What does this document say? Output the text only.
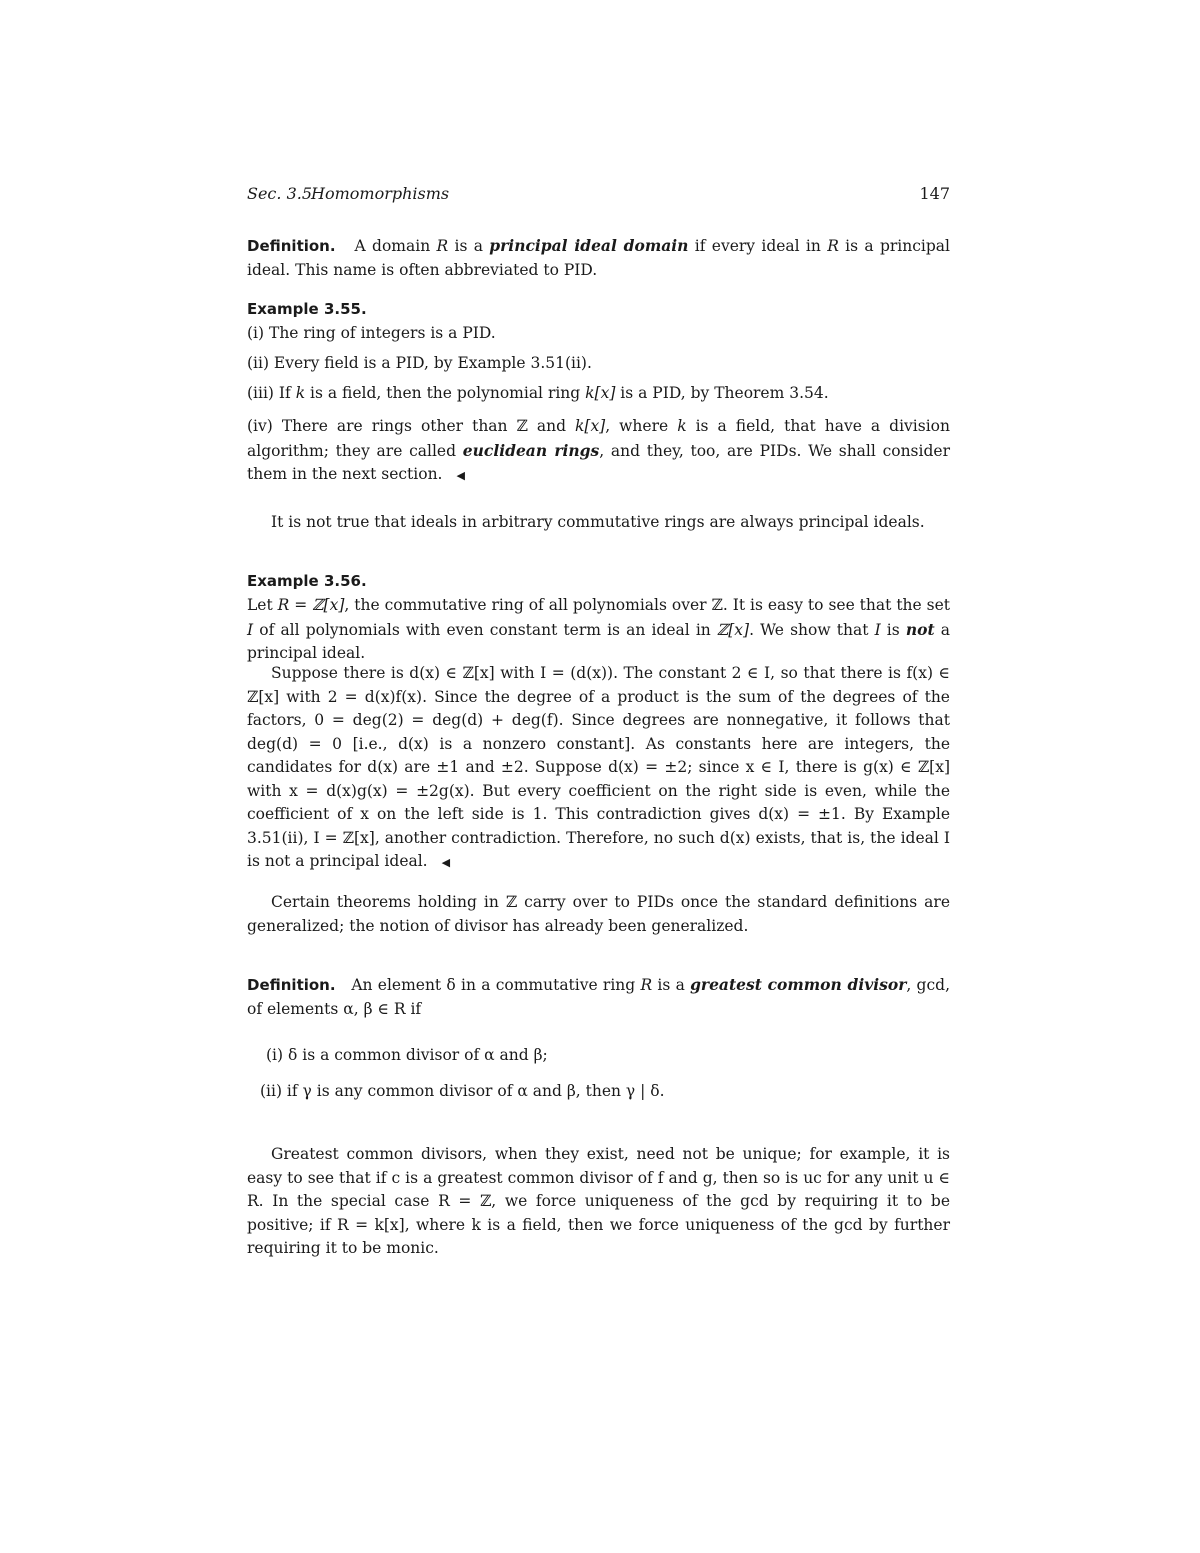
Sec. 3.5
Homomorphisms	147
Definition. A domain R is a principal ideal domain if every ideal in R is a principal ideal. This name is often abbreviated to PID.
Example 3.55.
(i) The ring of integers is a PID.
(ii) Every field is a PID, by Example 3.51(ii).
(iii) If k is a field, then the polynomial ring k[x] is a PID, by Theorem 3.54.
(iv) There are rings other than ℤ and k[x], where k is a field, that have a division algorithm; they are called euclidean rings, and they, too, are PIDs. We shall consider them in the next section. ◀
It is not true that ideals in arbitrary commutative rings are always principal ideals.
Example 3.56.
Let R = ℤ[x], the commutative ring of all polynomials over ℤ. It is easy to see that the set I of all polynomials with even constant term is an ideal in ℤ[x]. We show that I is not a principal ideal.
Suppose there is d(x) ∈ ℤ[x] with I = (d(x)). The constant 2 ∈ I, so that there is f(x) ∈ ℤ[x] with 2 = d(x)f(x). Since the degree of a product is the sum of the degrees of the factors, 0 = deg(2) = deg(d) + deg(f). Since degrees are nonnegative, it follows that deg(d) = 0 [i.e., d(x) is a nonzero constant]. As constants here are integers, the candidates for d(x) are ±1 and ±2. Suppose d(x) = ±2; since x ∈ I, there is g(x) ∈ ℤ[x] with x = d(x)g(x) = ±2g(x). But every coefficient on the right side is even, while the coefficient of x on the left side is 1. This contradiction gives d(x) = ±1. By Example 3.51(ii), I = ℤ[x], another contradiction. Therefore, no such d(x) exists, that is, the ideal I is not a principal ideal. ◀
Certain theorems holding in ℤ carry over to PIDs once the standard definitions are generalized; the notion of divisor has already been generalized.
Definition. An element δ in a commutative ring R is a greatest common divisor, gcd, of elements α, β ∈ R if
(i) δ is a common divisor of α and β;
(ii) if γ is any common divisor of α and β, then γ | δ.
Greatest common divisors, when they exist, need not be unique; for example, it is easy to see that if c is a greatest common divisor of f and g, then so is uc for any unit u ∈ R. In the special case R = ℤ, we force uniqueness of the gcd by requiring it to be positive; if R = k[x], where k is a field, then we force uniqueness of the gcd by further requiring it to be monic.
